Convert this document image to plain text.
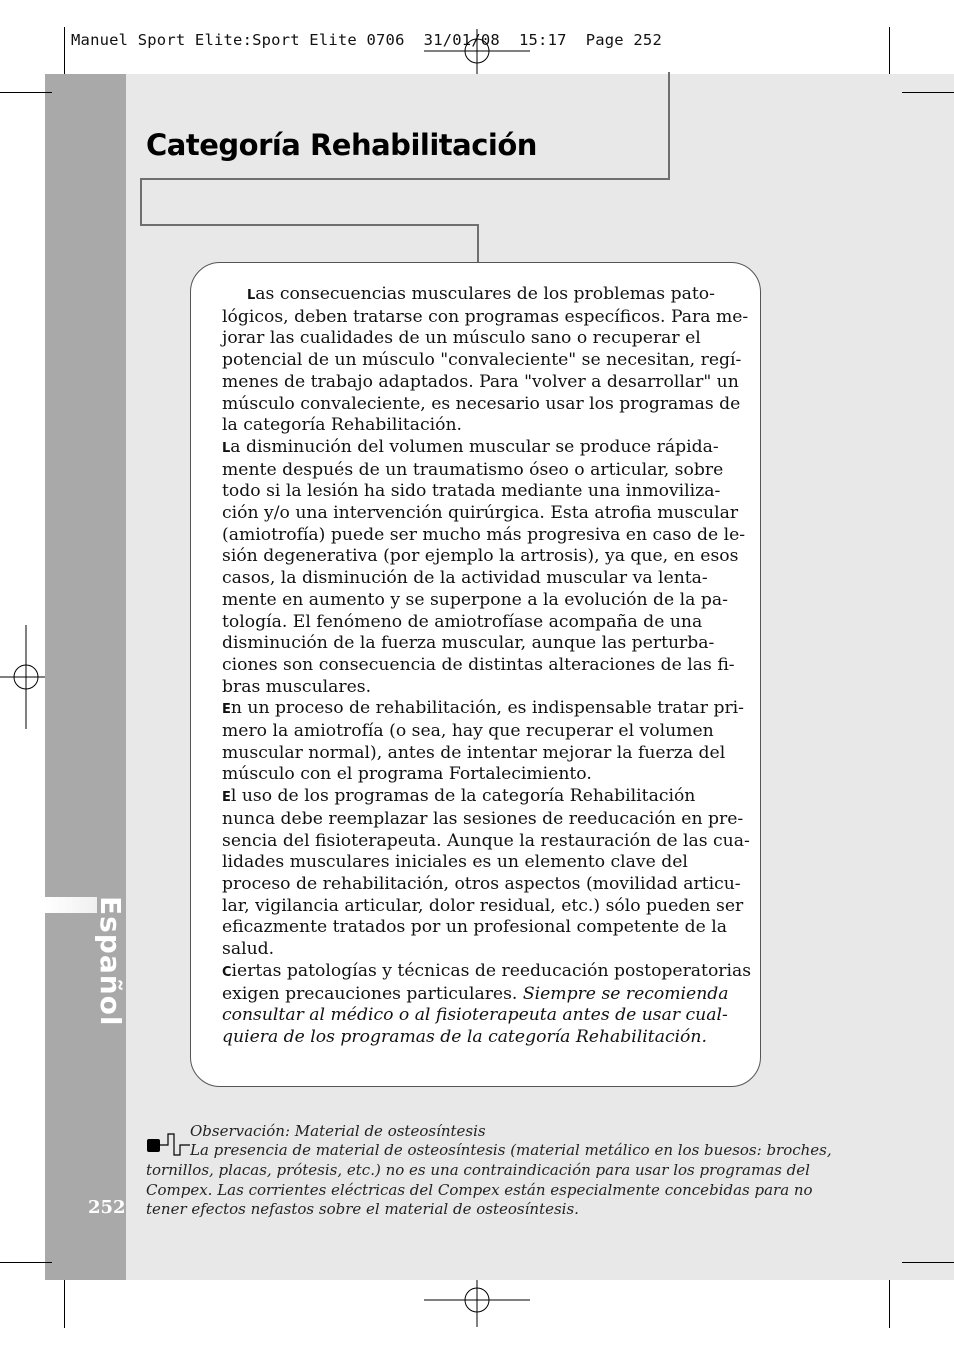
Manuel Sport Elite:Sport Elite 0706  31/01/08  15:17  Page 252
Español
252
Categoría Rehabilitación

Las consecuencias musculares de los problemas pato-

lógicos, deben tratarse con programas específicos. Para me-

jorar las cualidades de un músculo sano o recuperar el

potencial de un músculo "convaleciente" se necesitan, regí-

menes de trabajo adaptados. Para "volver a desarrollar" un

músculo convaleciente, es necesario usar los programas de

la categoría Rehabilitación.

La disminución del volumen muscular se produce rápida-

mente después de un traumatismo óseo o articular, sobre

todo si la lesión ha sido tratada mediante una inmoviliza-

ción y/o una intervención quirúrgica. Esta atrofia muscular

(amiotrofía) puede ser mucho más progresiva en caso de le-

sión degenerativa (por ejemplo la artrosis), ya que, en esos

casos, la disminución de la actividad muscular va lenta-

mente en aumento y se superpone a la evolución de la pa-

tología. El fenómeno de amiotrofíase acompaña de una

disminución de la fuerza muscular, aunque las perturba-

ciones son consecuencia de distintas alteraciones de las fi-

bras musculares.

En un proceso de rehabilitación, es indispensable tratar pri-

mero la amiotrofía (o sea, hay que recuperar el volumen

muscular normal), antes de intentar mejorar la fuerza del

músculo con el programa Fortalecimiento.

El uso de los programas de la categoría Rehabilitación

nunca debe reemplazar las sesiones de reeducación en pre-

sencia del fisioterapeuta. Aunque la restauración de las cua-

lidades musculares iniciales es un elemento clave del

proceso de rehabilitación, otros aspectos (movilidad articu-

lar, vigilancia articular, dolor residual, etc.) sólo pueden ser

eficazmente tratados por un profesional competente de la

salud.

Ciertas patologías y técnicas de reeducación postoperatorias

exigen precauciones particulares. Siempre se recomienda

consultar al médico o al fisioterapeuta antes de usar cual-

quiera de los programas de la categoría Rehabilitación.

Observación: Material de osteosíntesis

La presencia de material de osteosíntesis (material metálico en los buesos: broches,

tornillos, placas, prótesis, etc.) no es una contraindicación para usar los programas del

Compex. Las corrientes eléctricas del Compex están especialmente concebidas para no

tener efectos nefastos sobre el material de osteosíntesis.
